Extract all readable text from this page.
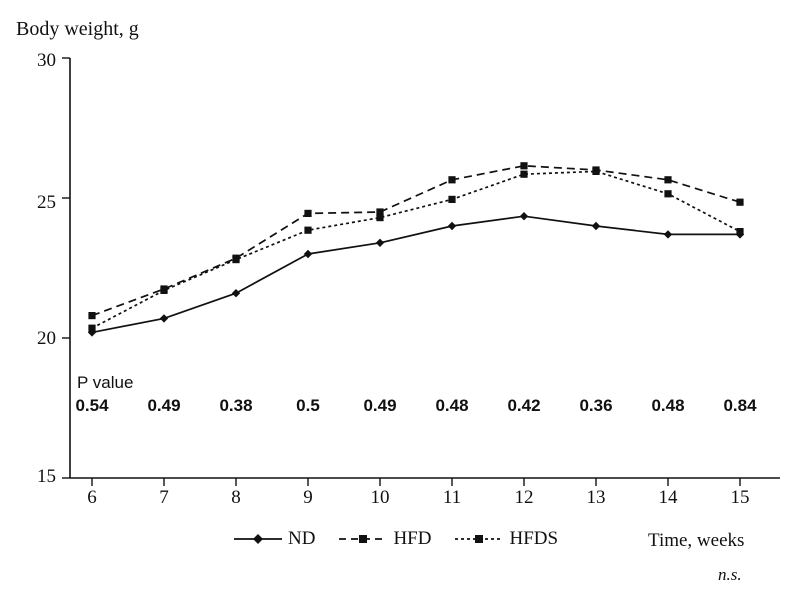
Body weight, g
30
25
20
15
6	7	8	9	10	11	12	13	14	15
P value
0.54	0.49	0.38	0.5	0.49	0.48	0.42	0.36	0.48	0.84
ND	HFD	HFDS	Time, weeks
n.s.
